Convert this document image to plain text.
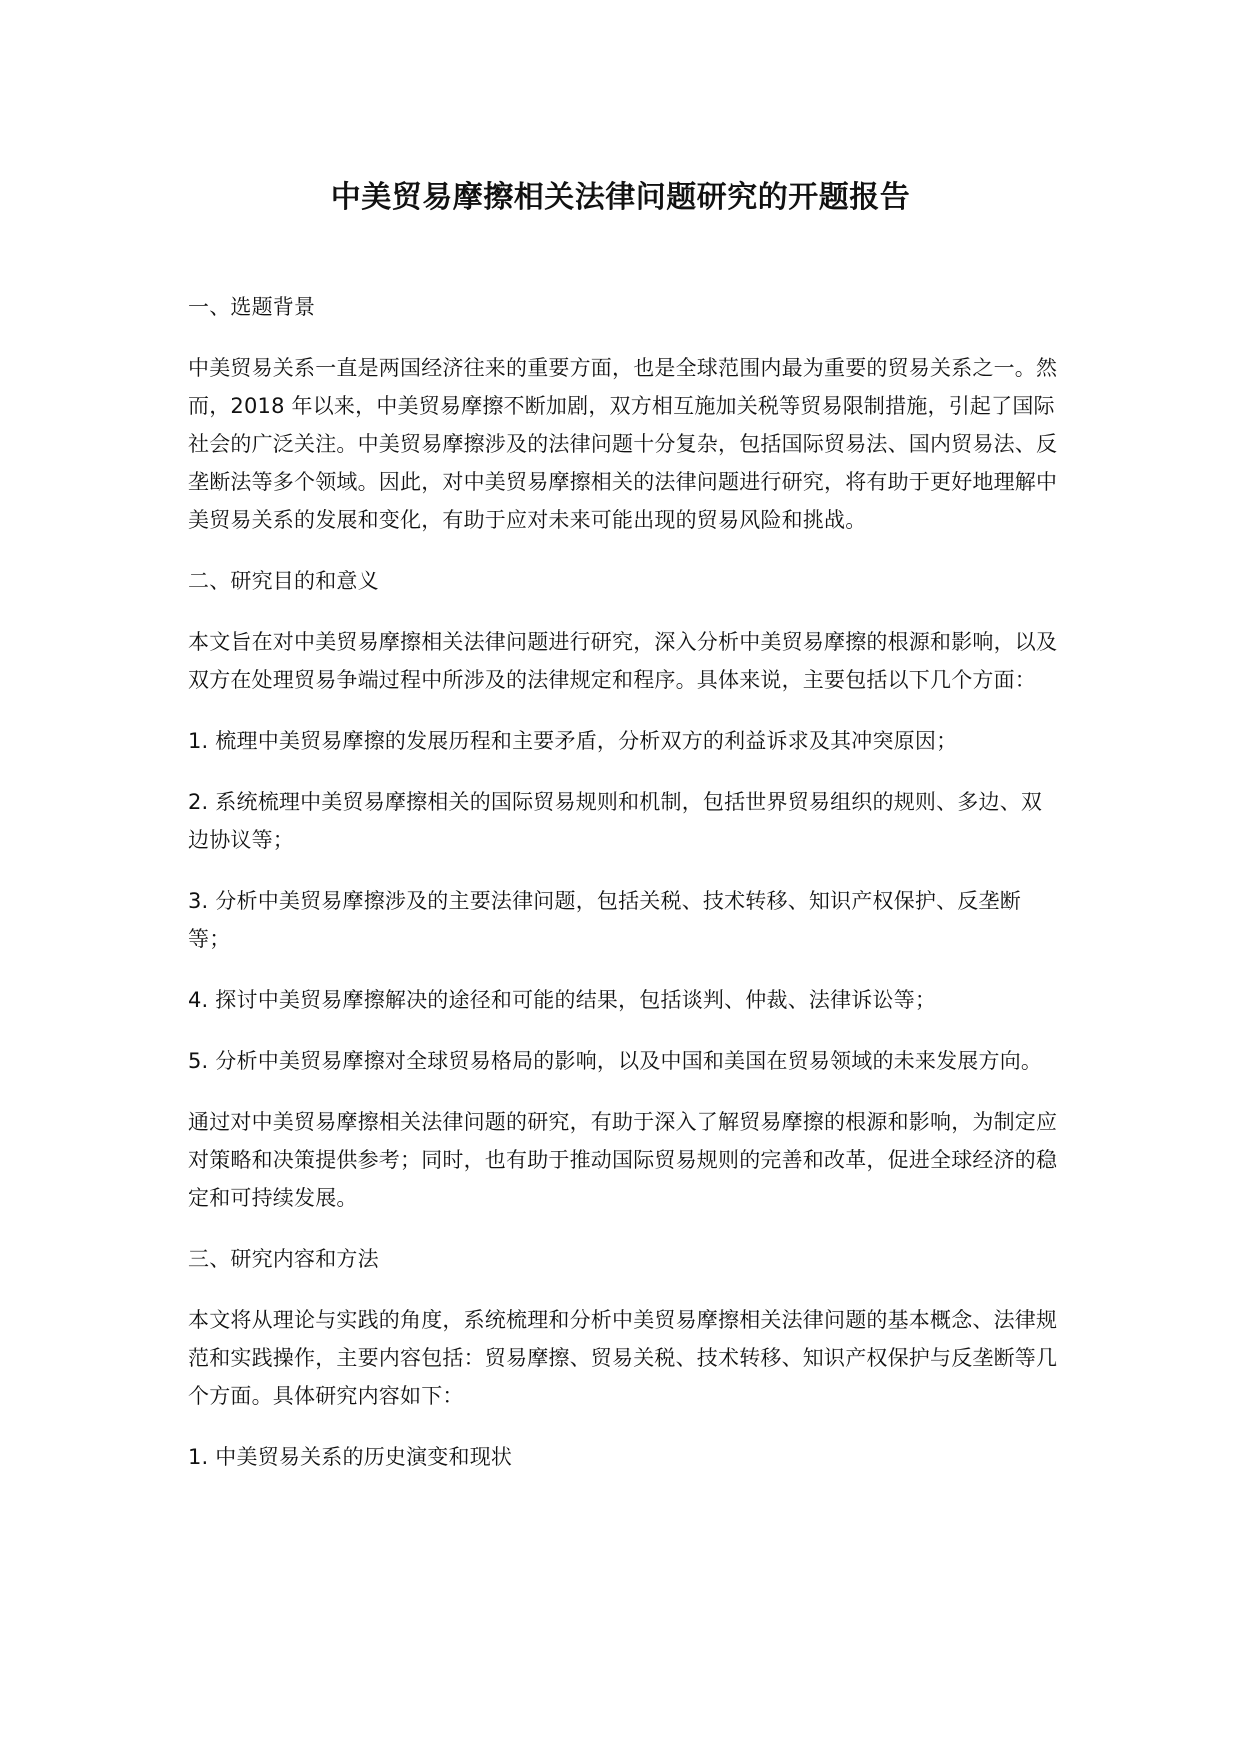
中美贸易摩擦相关法律问题研究的开题报告
一、选题背景

中美贸易关系一直是两国经济往来的重要方面，也是全球范围内最为重要的贸易关系之一。然而，2018 年以来，中美贸易摩擦不断加剧，双方相互施加关税等贸易限制措施，引起了国际社会的广泛关注。中美贸易摩擦涉及的法律问题十分复杂，包括国际贸易法、国内贸易法、反垄断法等多个领域。因此，对中美贸易摩擦相关的法律问题进行研究，将有助于更好地理解中美贸易关系的发展和变化，有助于应对未来可能出现的贸易风险和挑战。

二、研究目的和意义

本文旨在对中美贸易摩擦相关法律问题进行研究，深入分析中美贸易摩擦的根源和影响，以及双方在处理贸易争端过程中所涉及的法律规定和程序。具体来说，主要包括以下几个方面：

1. 梳理中美贸易摩擦的发展历程和主要矛盾，分析双方的利益诉求及其冲突原因；

2. 系统梳理中美贸易摩擦相关的国际贸易规则和机制，包括世界贸易组织的规则、多边、双边协议等；

3. 分析中美贸易摩擦涉及的主要法律问题，包括关税、技术转移、知识产权保护、反垄断等；

4. 探讨中美贸易摩擦解决的途径和可能的结果，包括谈判、仲裁、法律诉讼等；

5. 分析中美贸易摩擦对全球贸易格局的影响，以及中国和美国在贸易领域的未来发展方向。

通过对中美贸易摩擦相关法律问题的研究，有助于深入了解贸易摩擦的根源和影响，为制定应对策略和决策提供参考；同时，也有助于推动国际贸易规则的完善和改革，促进全球经济的稳定和可持续发展。

三、研究内容和方法

本文将从理论与实践的角度，系统梳理和分析中美贸易摩擦相关法律问题的基本概念、法律规范和实践操作，主要内容包括：贸易摩擦、贸易关税、技术转移、知识产权保护与反垄断等几个方面。具体研究内容如下：

1. 中美贸易关系的历史演变和现状
